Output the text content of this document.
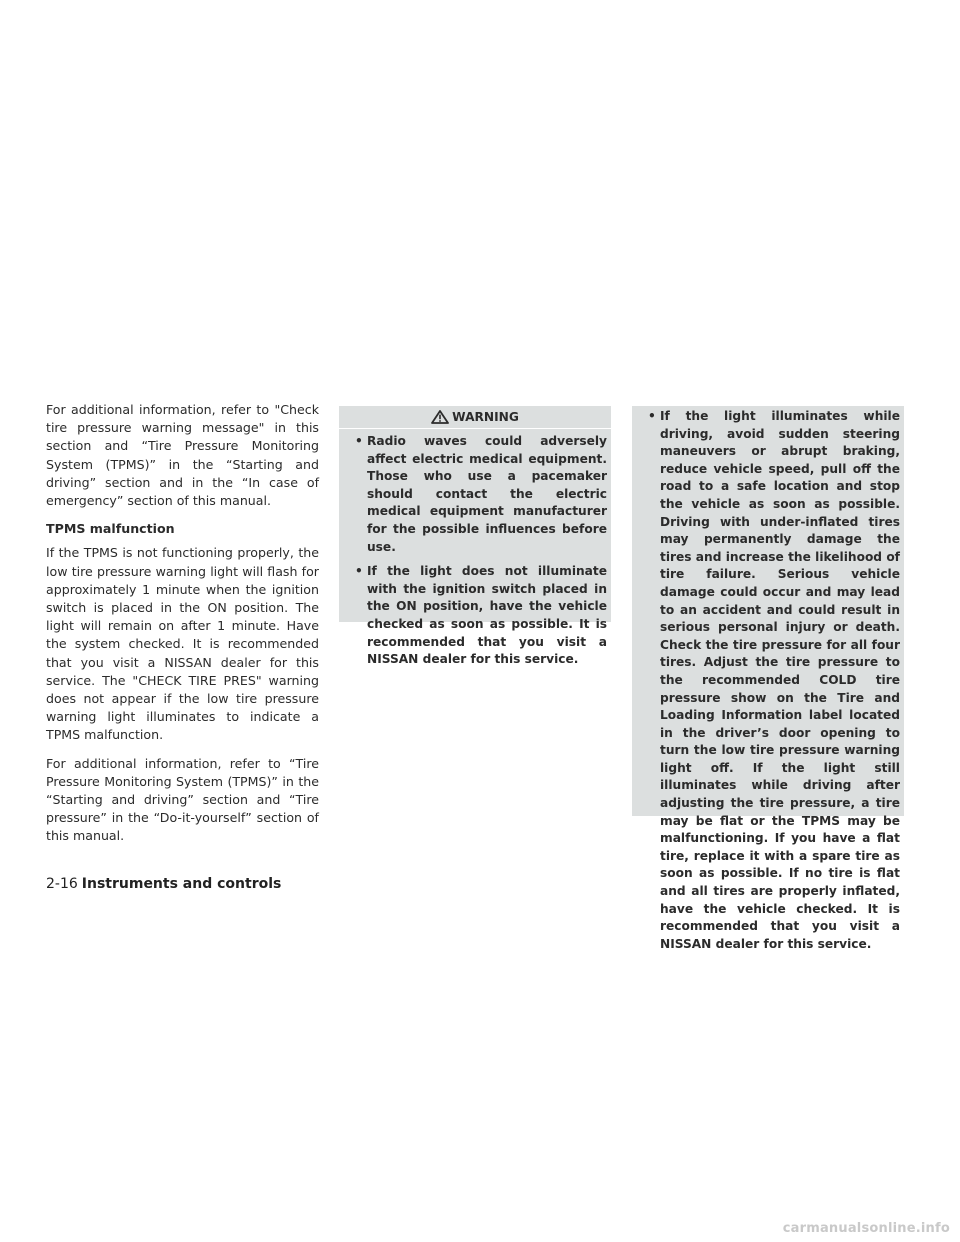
For additional information, refer to "Check tire pressure warning message" in this section and “Tire Pressure Monitoring System (TPMS)” in the “Starting and driving” section and in the “In case of emergency” section of this manual.

TPMS malfunction

If the TPMS is not functioning properly, the low tire pressure warning light will flash for approximately 1 minute when the ignition switch is placed in the ON position. The light will remain on after 1 minute. Have the system checked. It is recommended that you visit a NISSAN dealer for this service. The "CHECK TIRE PRES" warning does not appear if the low tire pressure warning light illuminates to indicate a TPMS malfunction.

For additional information, refer to “Tire Pressure Monitoring System (TPMS)” in the “Starting and driving” section and “Tire pressure” in the “Do-it-yourself” section of this manual.

WARNING
• Radio waves could adversely affect electric medical equipment. Those who use a pacemaker should contact the electric medical equipment manufacturer for the possible influences before use.
• If the light does not illuminate with the ignition switch placed in the ON position, have the vehicle checked as soon as possible. It is recommended that you visit a NISSAN dealer for this service.
• If the light illuminates while driving, avoid sudden steering maneuvers or abrupt braking, reduce vehicle speed, pull off the road to a safe location and stop the vehicle as soon as possible. Driving with under-inflated tires may permanently damage the tires and increase the likelihood of tire failure. Serious vehicle damage could occur and may lead to an accident and could result in serious personal injury or death. Check the tire pressure for all four tires. Adjust the tire pressure to the recommended COLD tire pressure show on the Tire and Loading Information label located in the driver’s door opening to turn the low tire pressure warning light off. If the light still illuminates while driving after adjusting the tire pressure, a tire may be flat or the TPMS may be malfunctioning. If you have a flat tire, replace it with a spare tire as soon as possible. If no tire is flat and all tires are properly inflated, have the vehicle checked. It is recommended that you visit a NISSAN dealer for this service.
2-16 Instruments and controls
carmanualsonline.info
